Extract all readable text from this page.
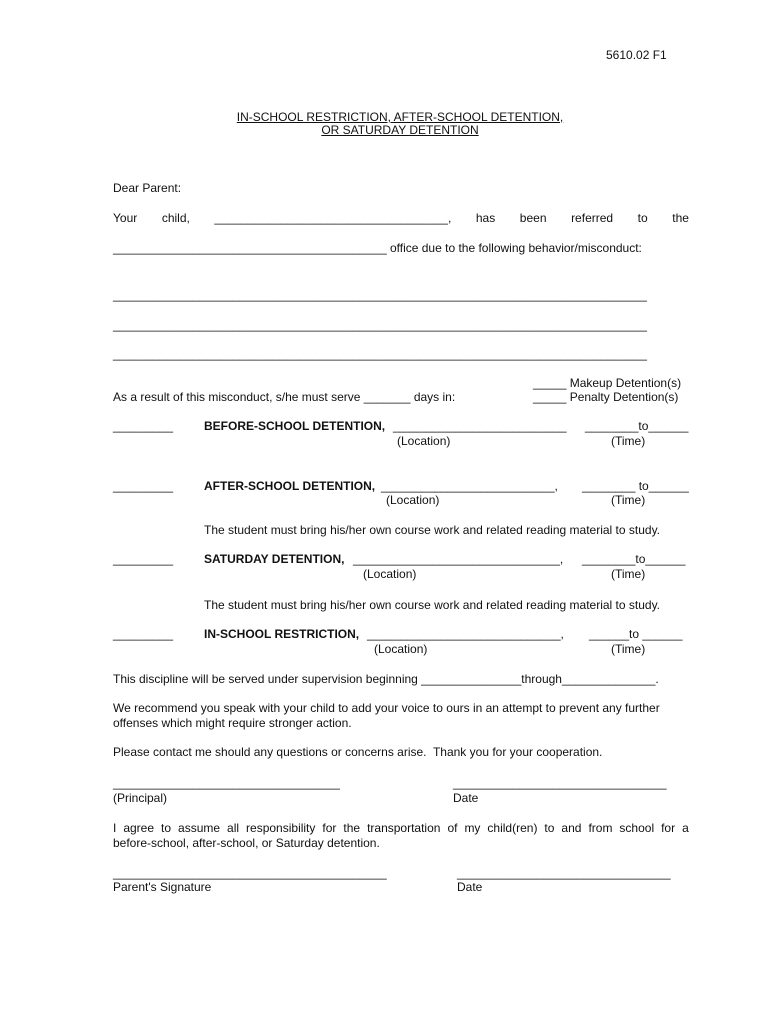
5610.02 F1
IN-SCHOOL RESTRICTION, AFTER-SCHOOL DETENTION,
OR SATURDAY DETENTION
Dear Parent:
Your child, ___________________________________, has been referred to the
_________________________________________ office due to the following behavior/misconduct:
________________________________________________________________________________
________________________________________________________________________________
________________________________________________________________________________
_____ Makeup Detention(s)
_____ Penalty Detention(s)
As a result of this misconduct, s/he must serve _______ days in:
_________	BEFORE-SCHOOL DETENTION, __________________________ ________to______
(Location)	(Time)
_________	AFTER-SCHOOL DETENTION, __________________________, ________ to______
(Location)	(Time)
The student must bring his/her own course work and related reading material to study.
_________	SATURDAY DETENTION, _______________________________, ________to______
(Location)	(Time)
The student must bring his/her own course work and related reading material to study.
_________	IN-SCHOOL RESTRICTION, _____________________________, ______to ______
(Location)	(Time)
This discipline will be served under supervision beginning _______________through______________.
We recommend you speak with your child to add your voice to ours in an attempt to prevent any further
offenses which might require stronger action.
Please contact me should any questions or concerns arise.  Thank you for your cooperation.
__________________________________
(Principal)
________________________________
Date
I agree to assume all responsibility for the transportation of my child(ren) to and from school for a
before-school, after-school, or Saturday detention.
_________________________________________
Parent's Signature
________________________________
Date
